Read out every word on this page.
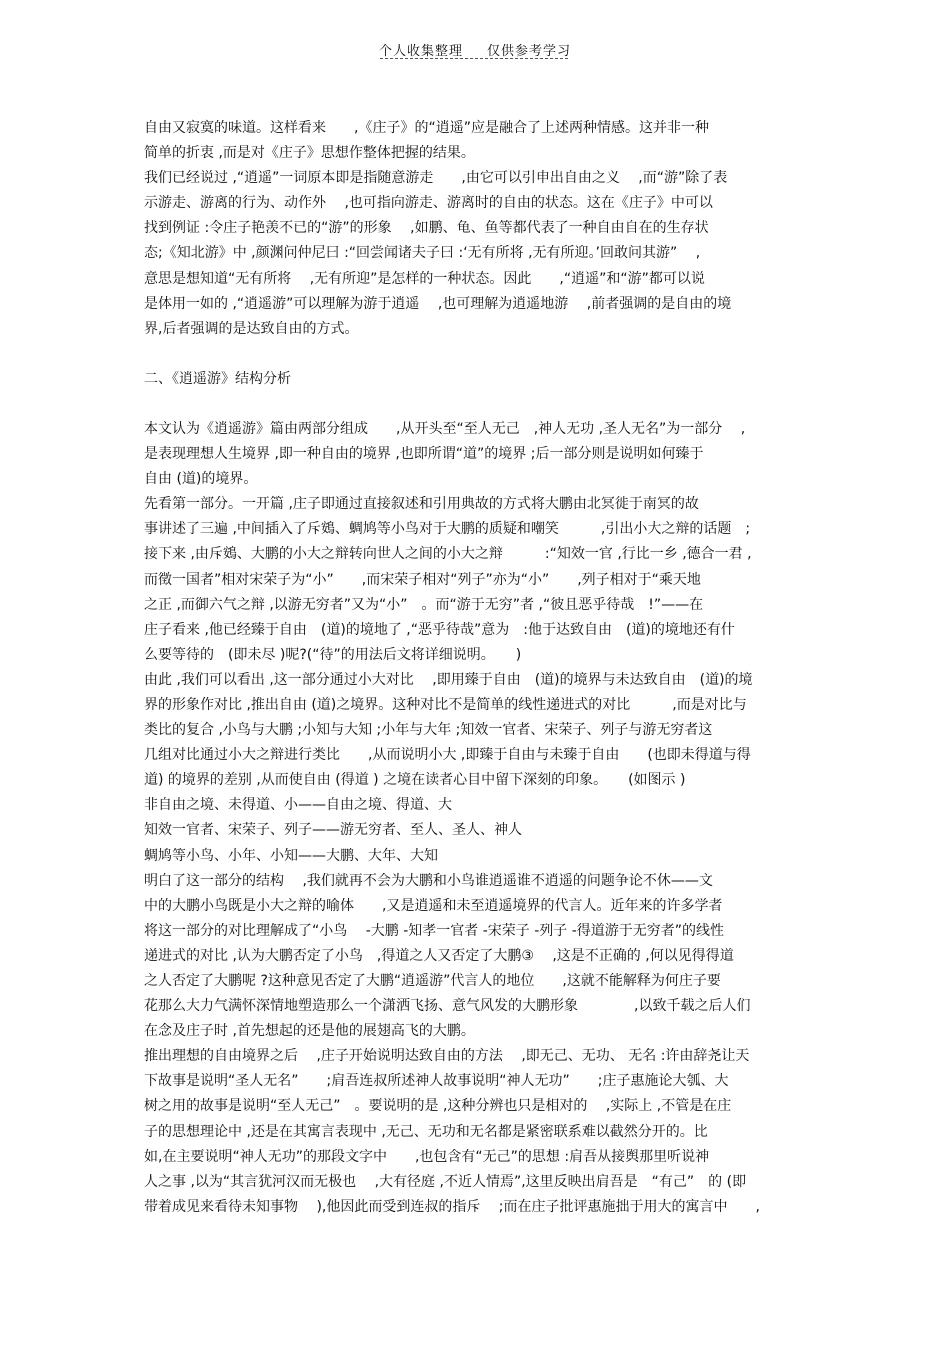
个人收集整理 仅供参考学习

自由又寂寞的味道。这样看来　　,《庄子》的“逍遥”应是融合了上述两种情感。这并非一种

简单的折衷 ,而是对《庄子》思想作整体把握的结果。

我们已经说过 ,“逍遥”一词原本即是指随意游走　　,由它可以引申出自由之义　 ,而“游”除了表

示游走、游离的行为、动作外　 ,也可指向游走、游离时的自由的状态。这在《庄子》中可以

找到例证 :令庄子艳羡不已的“游”的形象　 ,如鹏、龟、鱼等都代表了一种自由自在的生存状

态;《知北游》中 ,颜渊问仲尼曰 :“回尝闻诸夫子曰 :‘无有所将 ,无有所迎。’回敢问其游”　 ,

意思是想知道“无有所将　 ,无有所迎”是怎样的一种状态。因此　　,“逍遥”和“游”都可以说

是体用一如的 ,“逍遥游”可以理解为游于逍遥　 ,也可理解为逍遥地游　 ,前者强调的是自由的境

界,后者强调的是达致自由的方式。

二、《逍遥游》结构分析

本文认为《逍遥游》篇由两部分组成　　,从开头至“至人无己　,神人无功 ,圣人无名”为一部分　 ,

是表现理想人生境界 ,即一种自由的境界 ,也即所谓“道”的境界 ;后一部分则是说明如何臻于

自由 (道)的境界。

先看第一部分。一开篇 ,庄子即通过直接叙述和引用典故的方式将大鹏由北冥徙于南冥的故

事讲述了三遍 ,中间插入了斥鴳、蜩鸠等小鸟对于大鹏的质疑和嘲笑　　　,引出小大之辩的话题　;

接下来 ,由斥鴳、大鹏的小大之辩转向世人之间的小大之辩　　　:“知效一官 ,行比一乡 ,德合一君 ,

而徵一国者”相对宋荣子为“小”　　,而宋荣子相对“列子”亦为“小”　　,列子相对于“乘天地

之正 ,而御六气之辩 ,以游无穷者”又为“小”　。而“游于无穷”者 ,“彼且恶乎待哉　!”——在

庄子看来 ,他已经臻于自由　(道)的境地了 ,“恶乎待哉”意为　:他于达致自由　(道)的境地还有什

么要等待的　(即未尽 )呢?(“待”的用法后文将详细说明。　　)

由此 ,我们可以看出 ,这一部分通过小大对比　 ,即用臻于自由　(道)的境界与未达致自由　(道)的境

界的形象作对比 ,推出自由 (道)之境界。这种对比不是简单的线性递进式的对比　　　,而是对比与

类比的复合 ,小鸟与大鹏 ;小知与大知 ;小年与大年 ;知效一官者、宋荣子、列子与游无穷者这

几组对比通过小大之辩进行类比　　,从而说明小大 ,即臻于自由与未臻于自由　　(也即未得道与得

道) 的境界的差别 ,从而使自由 (得道 ) 之境在读者心目中留下深刻的印象。　　(如图示 )

非自由之境、未得道、小——自由之境、得道、大

知效一官者、宋荣子、列子——游无穷者、至人、圣人、神人

蜩鸠等小鸟、小年、小知——大鹏、大年、大知

明白了这一部分的结构　 ,我们就再不会为大鹏和小鸟谁逍遥谁不逍遥的问题争论不休——文

中的大鹏小鸟既是小大之辩的喻体　　,又是逍遥和未至逍遥境界的代言人。近年来的许多学者

将这一部分的对比理解成了“小鸟　 -大鹏 -知孝一官者 -宋荣子 -列子 -得道游于无穷者”的线性

递进式的对比 ,认为大鹏否定了小鸟　,得道之人又否定了大鹏③　 ,这是不正确的 ,何以见得得道

之人否定了大鹏呢 ?这种意见否定了大鹏“逍遥游”代言人的地位　　,这就不能解释为何庄子要

花那么大力气满怀深情地塑造那么一个潇洒飞扬、意气风发的大鹏形象　　　　,以致千载之后人们

在念及庄子时 ,首先想起的还是他的展翅高飞的大鹏。

推出理想的自由境界之后　 ,庄子开始说明达致自由的方法　 ,即无己、无功、 无名 :许由辞尧让天

下故事是说明“圣人无名”　　;肩吾连叔所述神人故事说明“神人无功”　　;庄子惠施论大瓠、大

树之用的故事是说明“至人无己”　。要说明的是 ,这种分辨也只是相对的　 ,实际上 ,不管是在庄

子的思想理论中 ,还是在其寓言表现中 ,无己、无功和无名都是紧密联系难以截然分开的。比

如,在主要说明“神人无功”的那段文字中　　,也包含有“无己”的思想 :肩吾从接舆那里听说神

人之事 ,以为“其言犹河汉而无极也　 ,大有径庭 ,不近人情焉”,这里反映出肩吾是　“有己”　的 (即

带着成见来看待未知事物　 ),他因此而受到连叔的指斥　 ;而在庄子批评惠施拙于用大的寓言中　　,
